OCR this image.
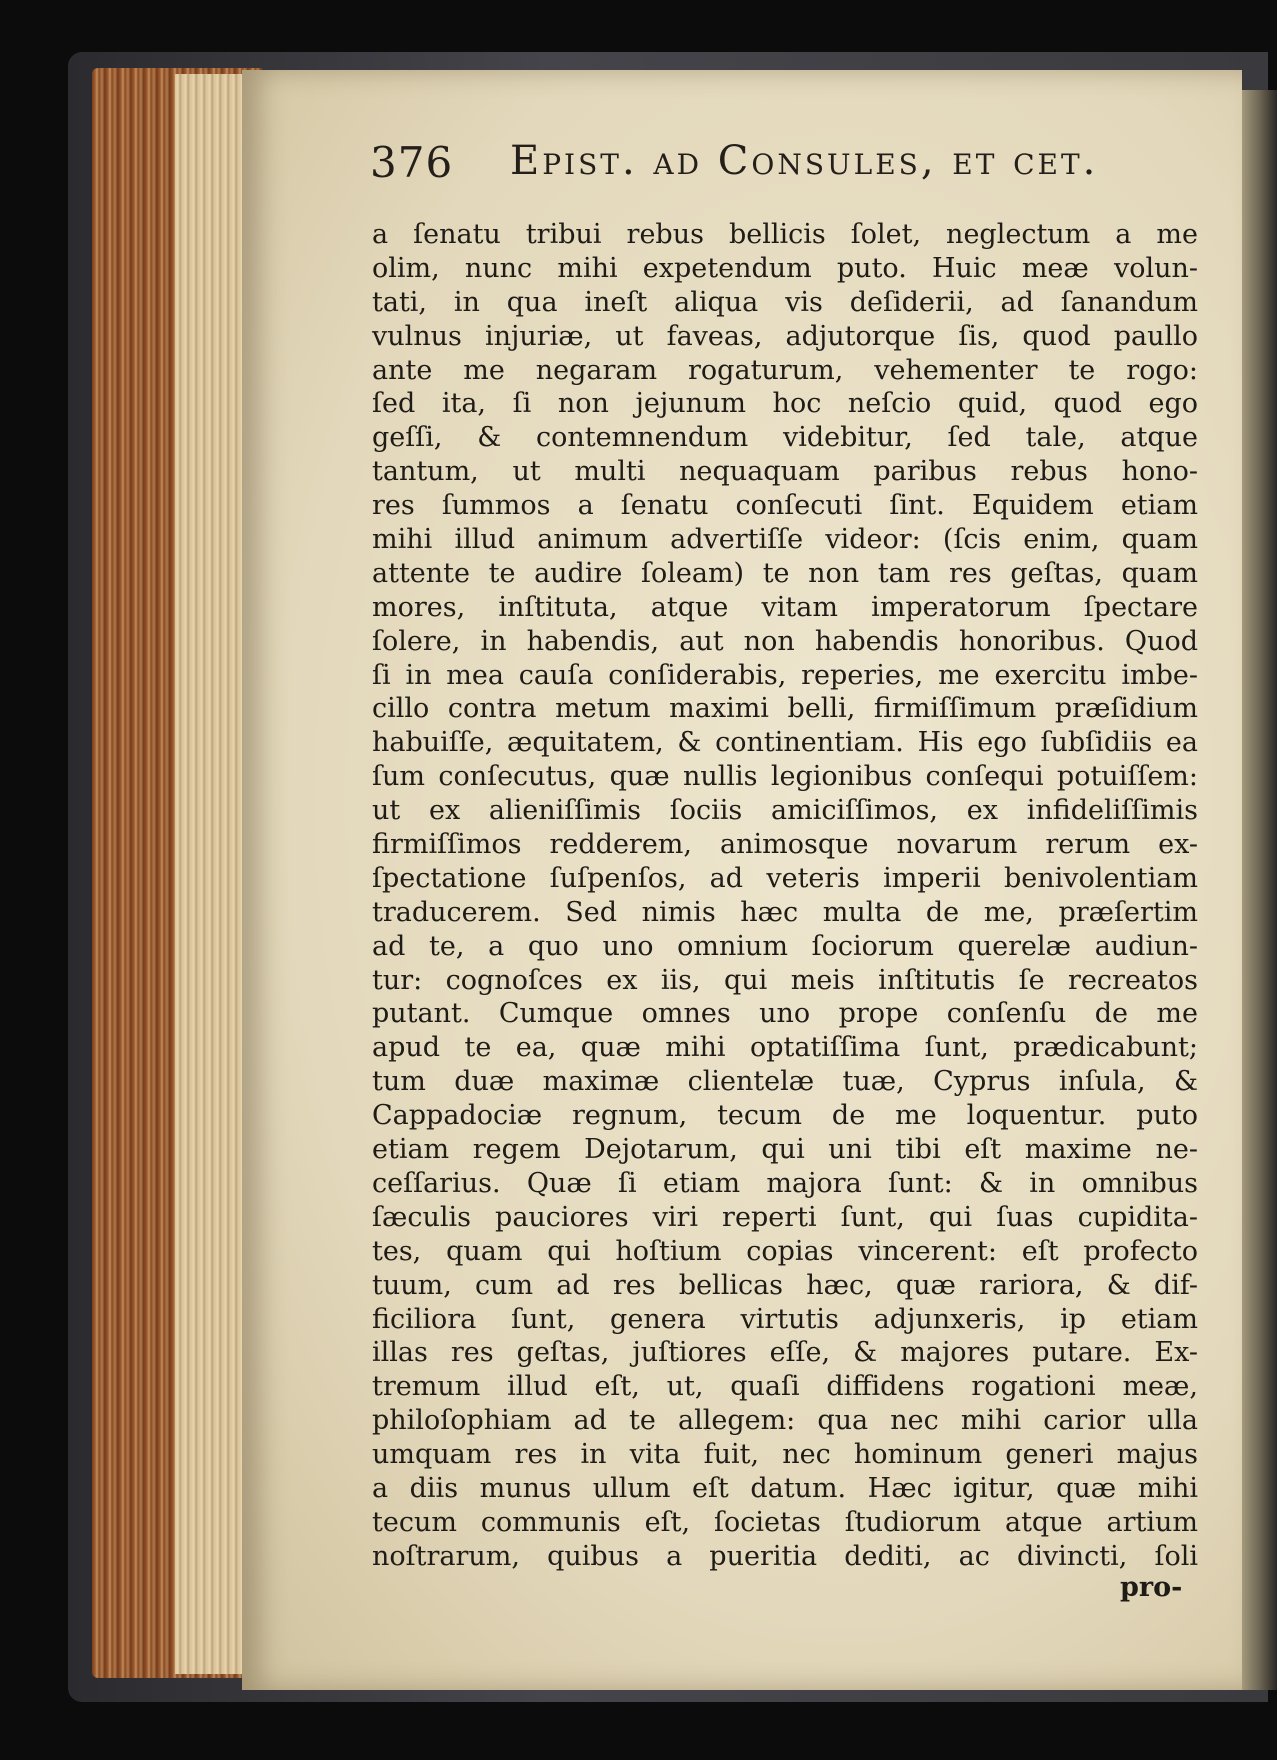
376 Epist. ad Consules, et cet.
a ſenatu tribui rebus bellicis ſolet, neglectum a me
olim, nunc mihi expetendum puto. Huic meæ volun-
tati, in qua ineſt aliqua vis deſiderii, ad ſanandum
vulnus injuriæ, ut faveas, adjutorque ſis, quod paullo
ante me negaram rogaturum, vehementer te rogo:
ſed ita, ſi non jejunum hoc neſcio quid, quod ego
geſſi, & contemnendum videbitur, ſed tale, atque
tantum, ut multi nequaquam paribus rebus hono-
res ſummos a ſenatu conſecuti ſint. Equidem etiam
mihi illud animum advertiſſe videor: (ſcis enim, quam
attente te audire ſoleam) te non tam res geſtas, quam
mores, inſtituta, atque vitam imperatorum ſpectare
ſolere, in habendis, aut non habendis honoribus. Quod
ſi in mea cauſa conſiderabis, reperies, me exercitu imbe-
cillo contra metum maximi belli, firmiſſimum præſidium
habuiſſe, æquitatem, & continentiam. His ego ſubſidiis ea
ſum conſecutus, quæ nullis legionibus conſequi potuiſſem:
ut ex alieniſſimis ſociis amiciſſimos, ex infideliſſimis
firmiſſimos redderem, animosque novarum rerum ex-
ſpectatione ſuſpenſos, ad veteris imperii benivolentiam
traducerem. Sed nimis hæc multa de me, præſertim
ad te, a quo uno omnium ſociorum querelæ audiun-
tur: cognoſces ex iis, qui meis inſtitutis ſe recreatos
putant. Cumque omnes uno prope conſenſu de me
apud te ea, quæ mihi optatiſſima ſunt, prædicabunt;
tum duæ maximæ clientelæ tuæ, Cyprus inſula, &
Cappadociæ regnum, tecum de me loquentur. puto
etiam regem Dejotarum, qui uni tibi eſt maxime ne-
ceſſarius. Quæ ſi etiam majora ſunt: & in omnibus
ſæculis pauciores viri reperti ſunt, qui ſuas cupidita-
tes, quam qui hoſtium copias vincerent: eſt profecto
tuum, cum ad res bellicas hæc, quæ rariora, & dif-
ficiliora ſunt, genera virtutis adjunxeris, ip etiam
illas res geſtas, juſtiores eſſe, & majores putare. Ex-
tremum illud eſt, ut, quaſi diffidens rogationi meæ,
philoſophiam ad te allegem: qua nec mihi carior ulla
umquam res in vita fuit, nec hominum generi majus
a diis munus ullum eſt datum. Hæc igitur, quæ mihi
tecum communis eſt, ſocietas ſtudiorum atque artium
noſtrarum, quibus a pueritia dediti, ac divincti, ſoli
pro-
